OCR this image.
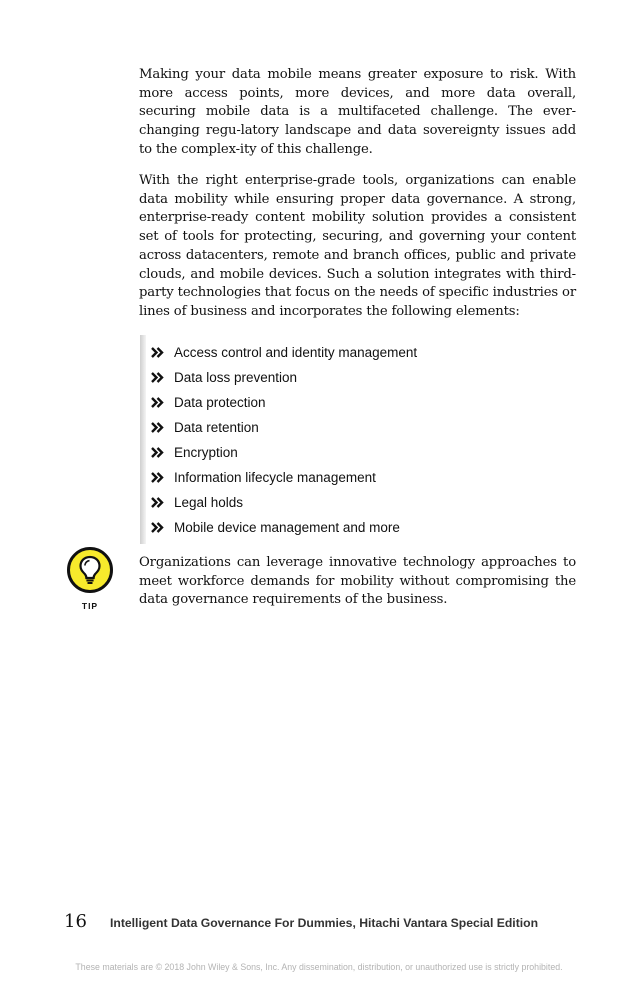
Making your data mobile means greater exposure to risk. With more access points, more devices, and more data overall, securing mobile data is a multifaceted challenge. The ever-changing regu-latory landscape and data sovereignty issues add to the complex-ity of this challenge.

With the right enterprise-grade tools, organizations can enable data mobility while ensuring proper data governance. A strong, enterprise-ready content mobility solution provides a consistent set of tools for protecting, securing, and governing your content across datacenters, remote and branch offices, public and private clouds, and mobile devices. Such a solution integrates with third-party technologies that focus on the needs of specific industries or lines of business and incorporates the following elements:

Access control and identity management
Data loss prevention
Data protection
Data retention
Encryption
Information lifecycle management
Legal holds
Mobile device management and more
TIP

Organizations can leverage innovative technology approaches to meet workforce demands for mobility without compromising the data governance requirements of the business.

16 Intelligent Data Governance For Dummies, Hitachi Vantara Special Edition
These materials are © 2018 John Wiley & Sons, Inc. Any dissemination, distribution, or unauthorized use is strictly prohibited.
